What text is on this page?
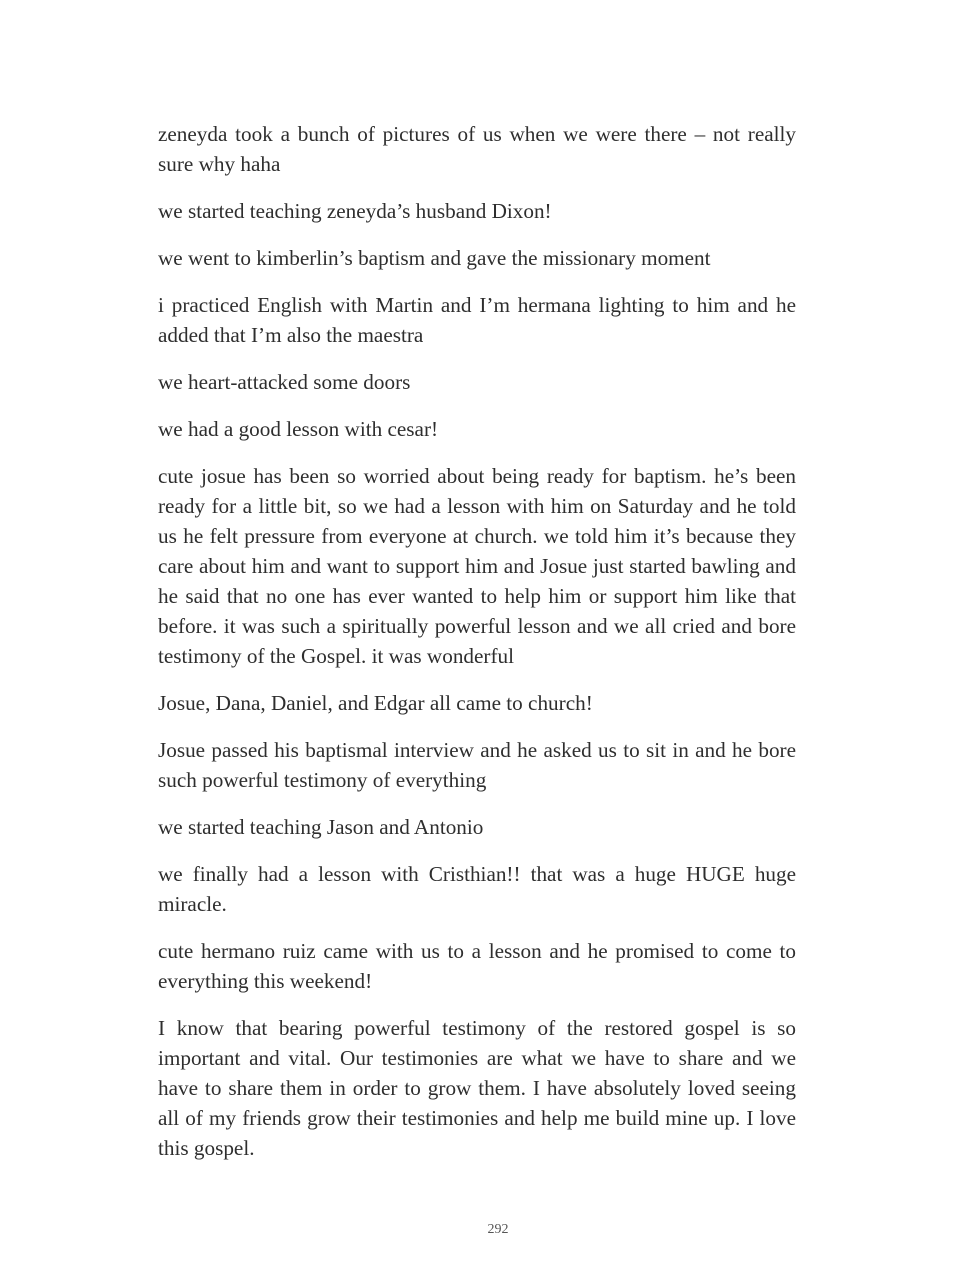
zeneyda took a bunch of pictures of us when we were there – not really sure why haha

we started teaching zeneyda’s husband Dixon!

we went to kimberlin’s baptism and gave the missionary moment

i practiced English with Martin and I’m hermana lighting to him and he added that I’m also the maestra

we heart-attacked some doors

we had a good lesson with cesar!

cute josue has been so worried about being ready for baptism. he’s been ready for a little bit, so we had a lesson with him on Saturday and he told us he felt pressure from everyone at church. we told him it’s because they care about him and want to support him and Josue just started bawling and he said that no one has ever wanted to help him or support him like that before. it was such a spiritually powerful lesson and we all cried and bore testimony of the Gospel. it was wonderful

Josue, Dana, Daniel, and Edgar all came to church!

Josue passed his baptismal interview and he asked us to sit in and he bore such powerful testimony of everything

we started teaching Jason and Antonio

we finally had a lesson with Cristhian!! that was a huge HUGE huge miracle.

cute hermano ruiz came with us to a lesson and he promised to come to everything this weekend!

I know that bearing powerful testimony of the restored gospel is so important and vital. Our testimonies are what we have to share and we have to share them in order to grow them. I have absolutely loved seeing all of my friends grow their testimonies and help me build mine up. I love this gospel.

292
